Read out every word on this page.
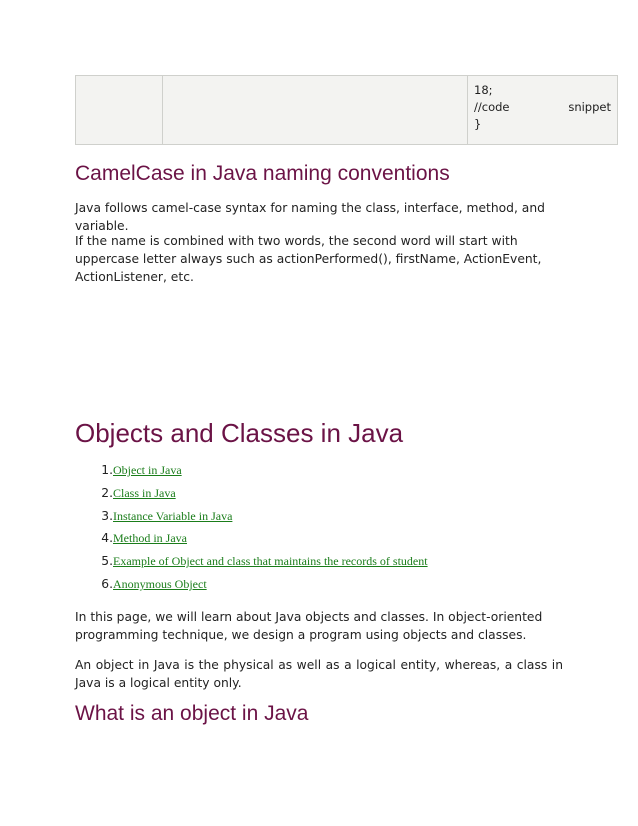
18;
//code	snippet
}
CamelCase in Java naming conventions

Java follows camel-case syntax for naming the class, interface, method, and variable.

If the name is combined with two words, the second word will start with uppercase letter always such as actionPerformed(), firstName, ActionEvent, ActionListener, etc.

Objects and Classes in Java
1. Object in Java
2. Class in Java
3. Instance Variable in Java
4. Method in Java
5. Example of Object and class that maintains the records of student
6. Anonymous Object

In this page, we will learn about Java objects and classes. In object-oriented programming technique, we design a program using objects and classes.

An object in Java is the physical as well as a logical entity, whereas, a class in Java is a logical entity only.

What is an object in Java
